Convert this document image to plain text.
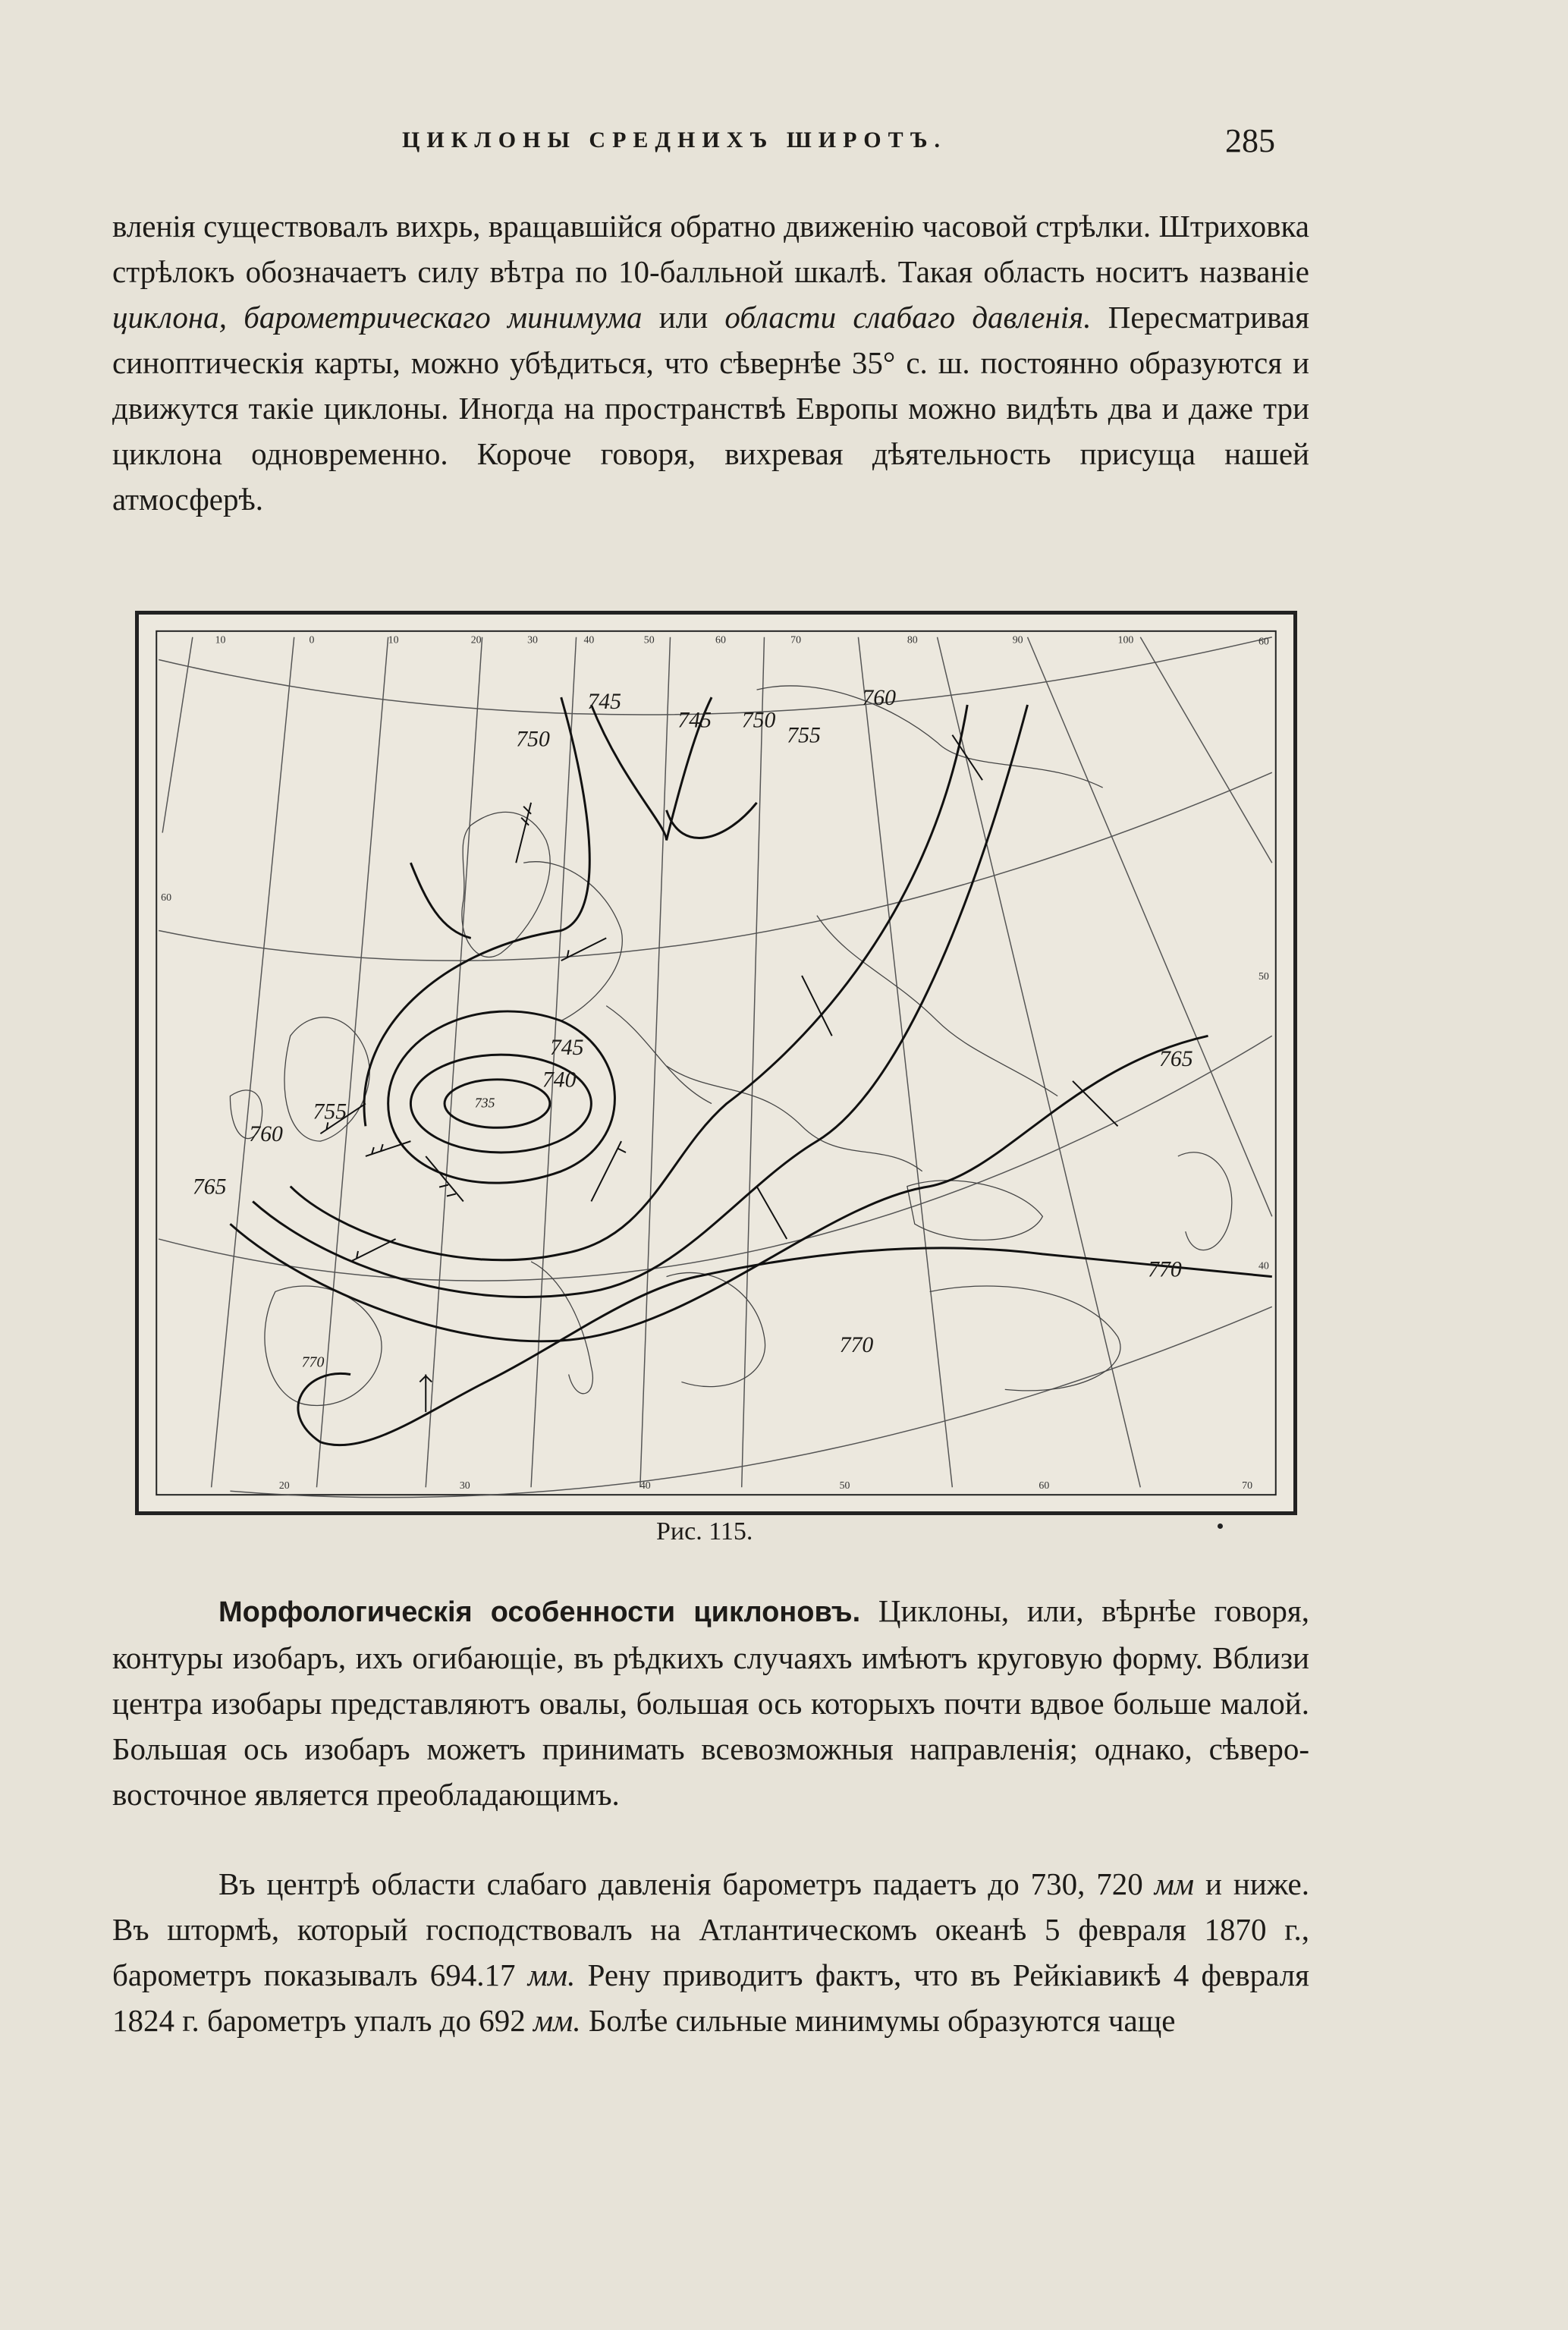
ЦИКЛОНЫ СРЕДНИХЪ ШИРОТЪ.	285

вленія существовалъ вихрь, вращавшійся обратно движенію часовой стрѣлки. Штриховка стрѣлокъ обозначаетъ силу вѣтра по 10-балльной шкалѣ. Такая область носитъ названіе циклона, барометрическаго минимума или области слабаго давленія. Пересматривая синоптическія карты, можно убѣдиться, что сѣвернѣе 35° с. ш. постоянно образуются и движутся такіе циклоны. Иногда на пространствѣ Европы можно видѣть два и даже три циклона одновременно. Короче говоря, вихревая дѣятельность присуща нашей атмосферѣ.

765
760
755
750
745
740
735
770
745
750
745
755
760
765
770
770
10	0	10	20	30	40	50	60	70	80	90	100
20	30	40	50	60	70
60
60
50
40
Рис. 115.

Морфологическія особенности циклоновъ. Циклоны, или, вѣрнѣе говоря, контуры изобаръ, ихъ огибающіе, въ рѣдкихъ случаяхъ имѣютъ круговую форму. Вблизи центра изобары представляютъ овалы, большая ось которыхъ почти вдвое больше малой. Большая ось изобаръ можетъ принимать всевозможныя направленія; однако, сѣверо-восточное является преобладающимъ.

Въ центрѣ области слабаго давленія барометръ падаетъ до 730, 720 мм и ниже. Въ штормѣ, который господствовалъ на Атлантическомъ океанѣ 5 февраля 1870 г., барометръ показывалъ 694.17 мм. Рену приводитъ фактъ, что въ Рейкіавикѣ 4 февраля 1824 г. барометръ упалъ до 692 мм. Болѣе сильные минимумы образуются чаще
